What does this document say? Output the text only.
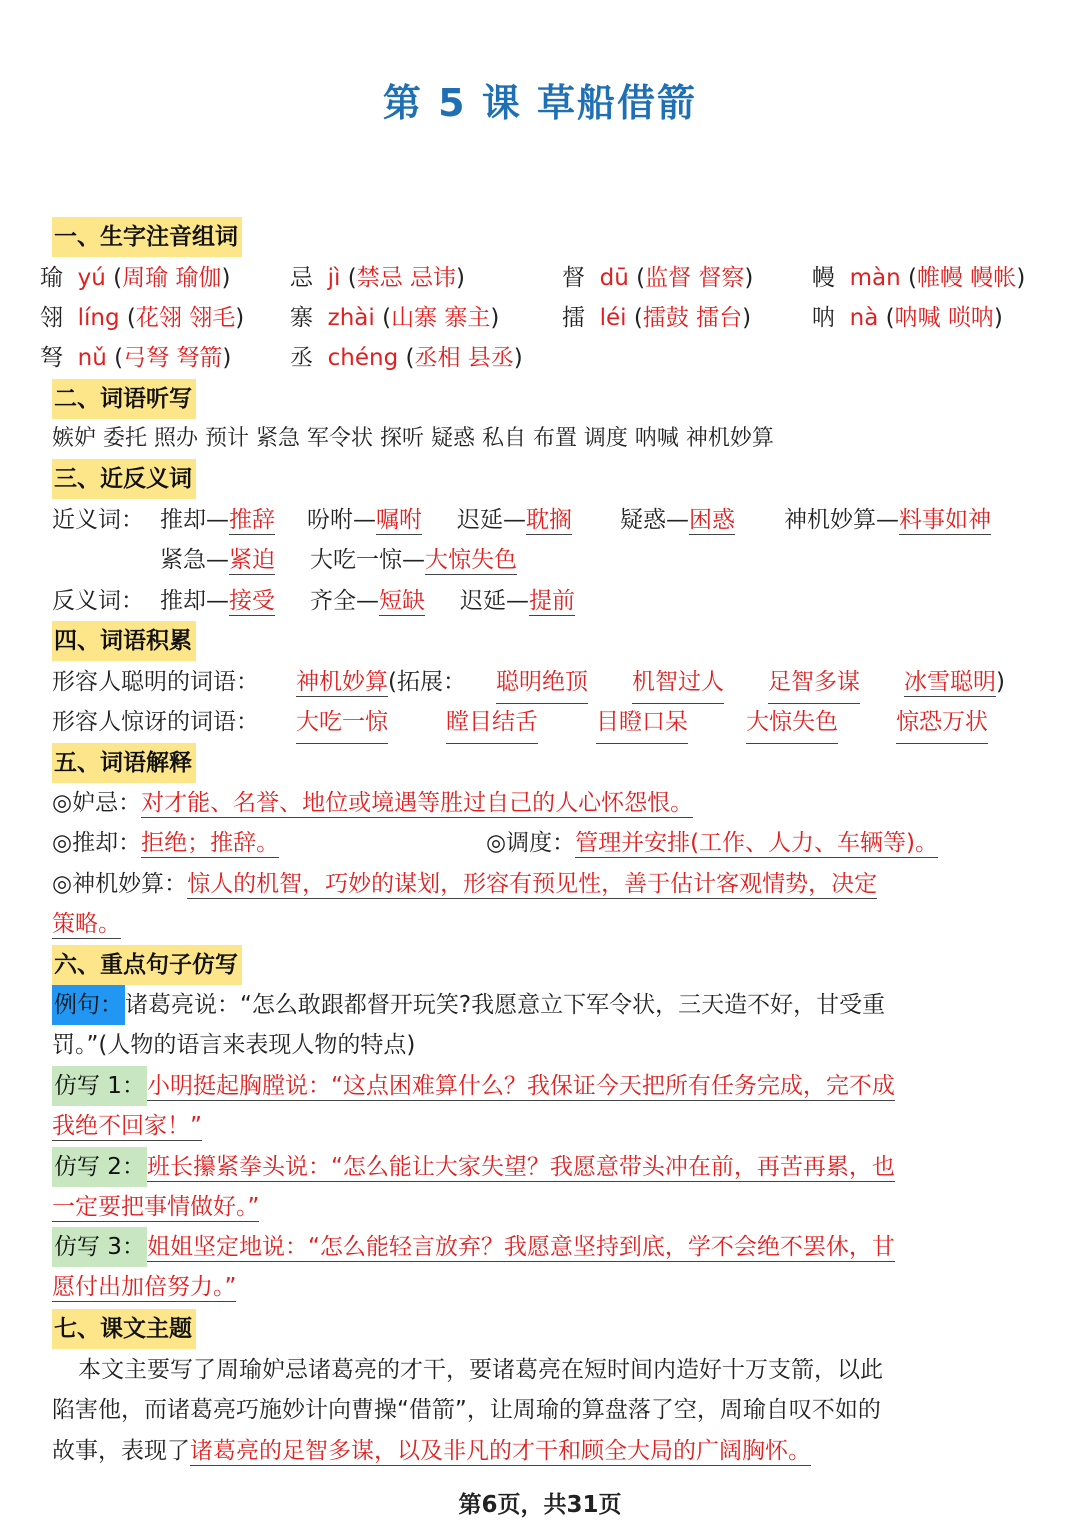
第 5 课 草船借箭
一、生字注音组词
瑜 yú (周瑜 瑜伽)	忌 jì (禁忌 忌讳)	督 dū (监督 督察)	幔 màn (帷幔 幔帐)
翎 líng (花翎 翎毛) 寨 zhài (山寨 寨主)	擂 léi (擂鼓 擂台)	呐 nà (呐喊 唢呐)
弩 nǔ (弓弩 弩箭)	丞 chéng (丞相 县丞)
二、词语听写
嫉妒 委托 照办 预计 紧急 军令状 探听 疑惑 私自 布置 调度 呐喊 神机妙算
三、近反义词
近义词： 推却—推辞 吩咐—嘱咐 迟延—耽搁 疑惑—困惑 神机妙算—料事如神
紧急—紧迫 大吃一惊—大惊失色
反义词： 推却—接受 齐全—短缺 迟延—提前
四、词语积累
形容人聪明的词语： 神机妙算(拓展： 聪明绝顶 机智过人 足智多谋 冰雪聪明)
形容人惊讶的词语： 大吃一惊	瞠目结舌	目瞪口呆	大惊失色	惊恐万状
五、词语解释
◎妒忌：对才能、名誉、地位或境遇等胜过自己的人心怀怨恨。
◎推却：拒绝；推辞。	◎调度：管理并安排(工作、人力、车辆等)。
◎神机妙算：惊人的机智，巧妙的谋划，形容有预见性，善于估计客观情势，决定
策略。
六、重点句子仿写
例句：诸葛亮说：“怎么敢跟都督开玩笑?我愿意立下军令状，三天造不好，甘受重
罚。”(人物的语言来表现人物的特点)
仿写 1：小明挺起胸膛说：“这点困难算什么？我保证今天把所有任务完成，完不成
我绝不回家！”
仿写 2：班长攥紧拳头说：“怎么能让大家失望？我愿意带头冲在前，再苦再累，也
一定要把事情做好。”
仿写 3：姐姐坚定地说：“怎么能轻言放弃？我愿意坚持到底，学不会绝不罢休，甘
愿付出加倍努力。”
七、课文主题
本文主要写了周瑜妒忌诸葛亮的才干，要诸葛亮在短时间内造好十万支箭，以此
陷害他，而诸葛亮巧施妙计向曹操“借箭”，让周瑜的算盘落了空，周瑜自叹不如的
故事，表现了诸葛亮的足智多谋，以及非凡的才干和顾全大局的广阔胸怀。
第6页，共31页
